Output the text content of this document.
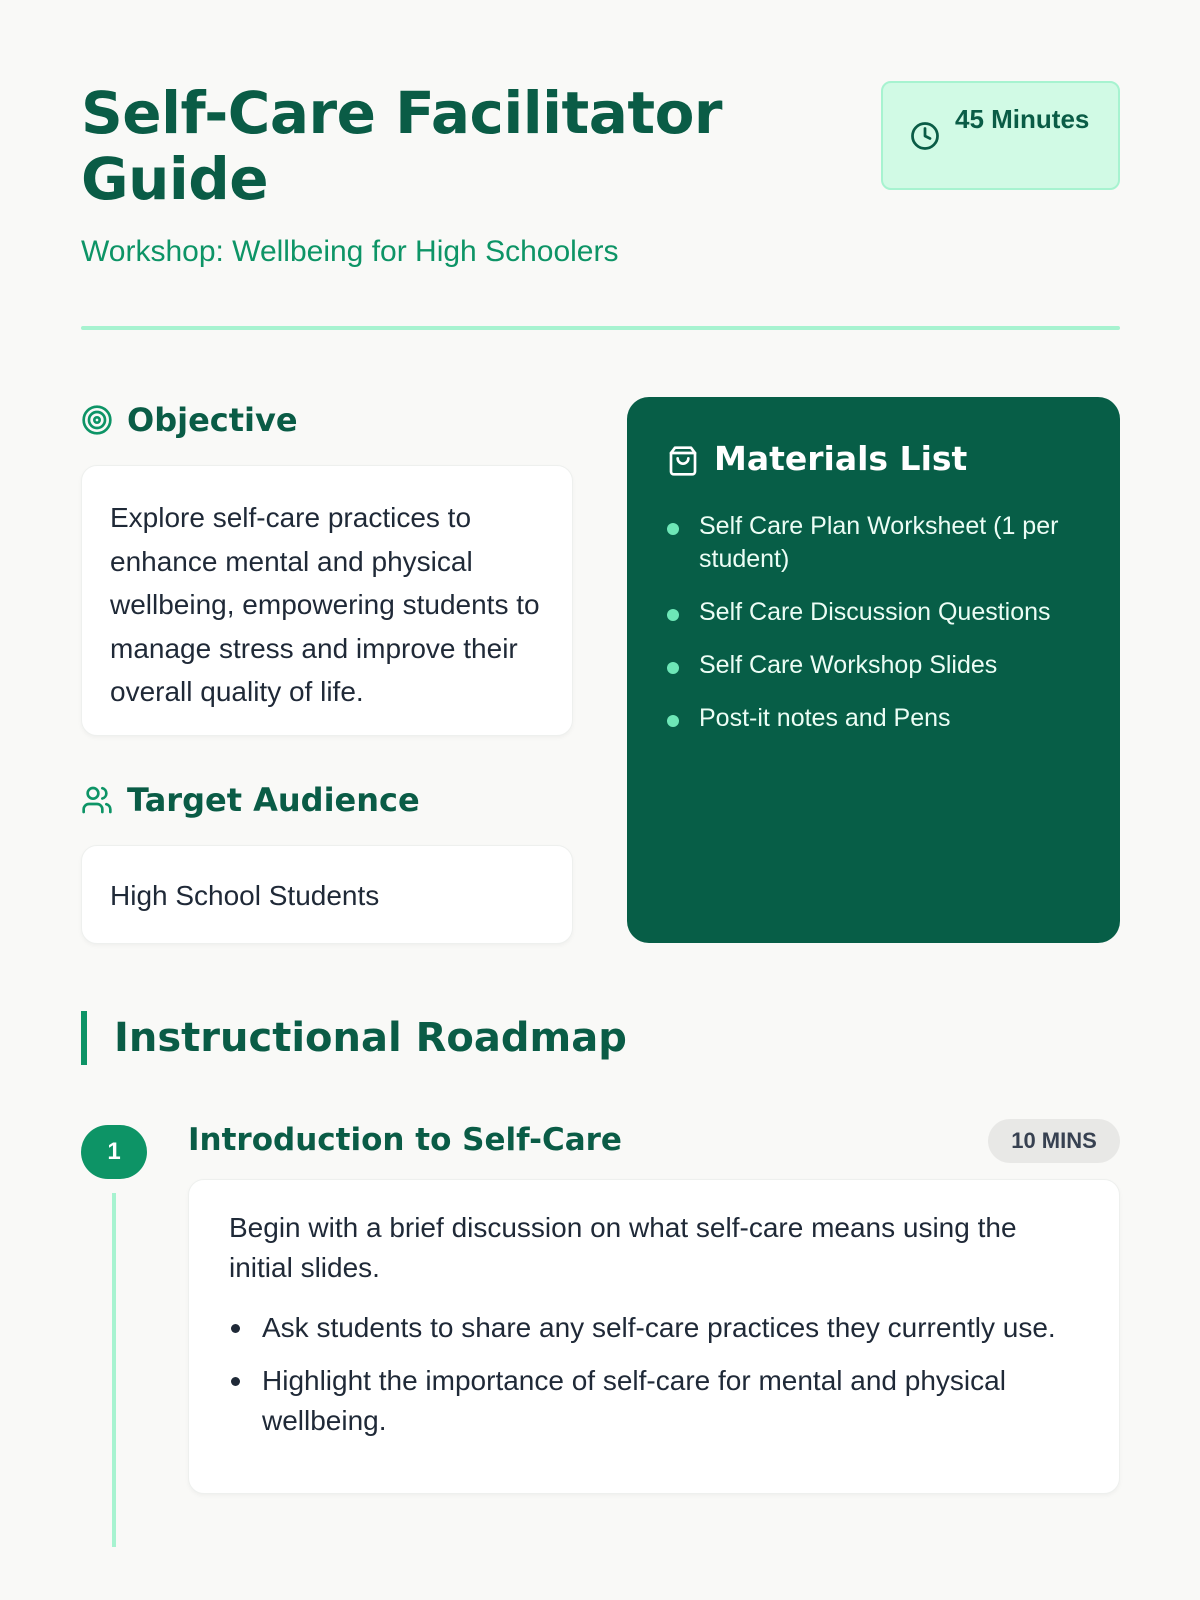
Self-Care Facilitator Guide
Workshop: Wellbeing for High Schoolers
45 Minutes
Objective

Explore self-care practices to enhance mental and physical wellbeing, empowering students to manage stress and improve their overall quality of life.

Target Audience

High School Students

Materials List
Self Care Plan Worksheet (1 per student)
Self Care Discussion Questions
Self Care Workshop Slides
Post-it notes and Pens
Instructional Roadmap
1	Introduction to Self-Care	10 MINS

Begin with a brief discussion on what self-care means using the initial slides.

Ask students to share any self-care practices they currently use.
Highlight the importance of self-care for mental and physical wellbeing.
